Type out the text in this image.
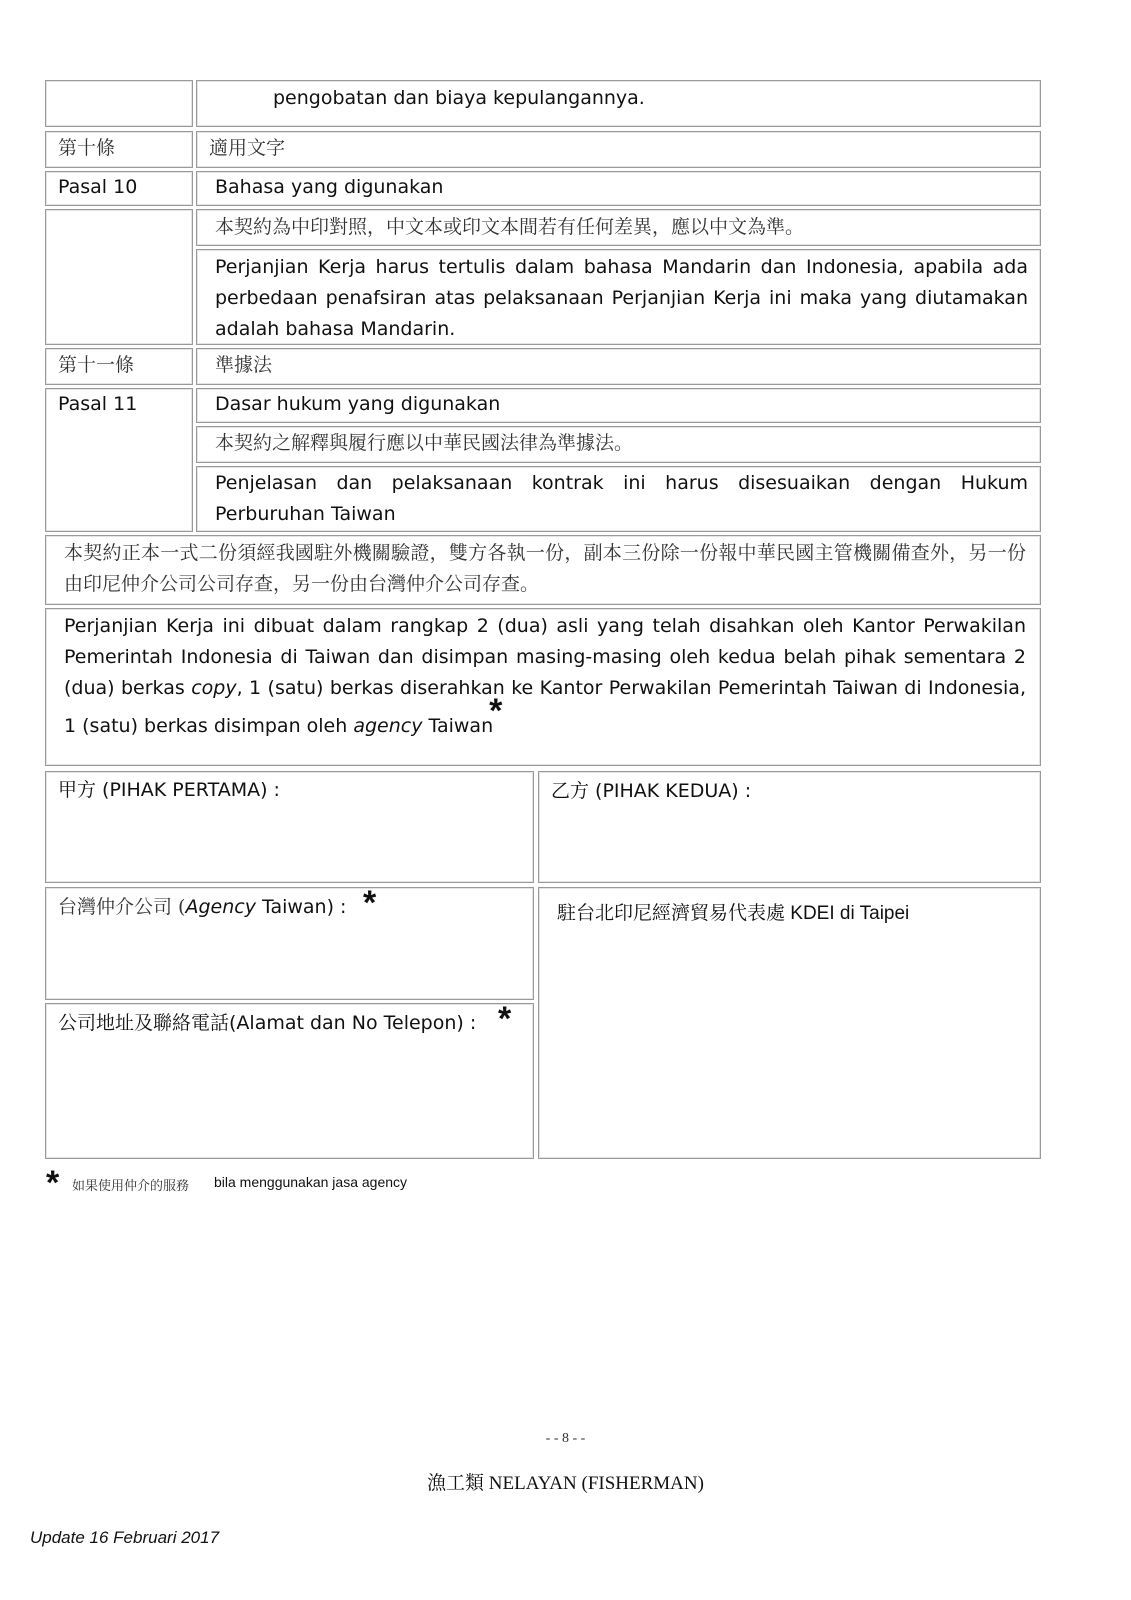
pengobatan dan biaya kepulangannya.
第十條	適用文字
Pasal 10	Bahasa yang digunakan
本契約為中印對照，中文本或印文本間若有任何差異，應以中文為準。
Perjanjian Kerja harus tertulis dalam bahasa Mandarin dan Indonesia, apabila ada perbedaan penafsiran atas pelaksanaan Perjanjian Kerja ini maka yang diutamakan adalah bahasa Mandarin.
第十一條	準據法
Pasal 11	Dasar hukum yang digunakan
本契約之解釋與履行應以中華民國法律為準據法。
Penjelasan dan pelaksanaan kontrak ini harus disesuaikan dengan Hukum Perburuhan Taiwan
本契約正本一式二份須經我國駐外機關驗證，雙方各執一份，副本三份除一份報中華民國主管機關備查外，另一份由印尼仲介公司公司存查，另一份由台灣仲介公司存查。
Perjanjian Kerja ini dibuat dalam rangkap 2 (dua) asli yang telah disahkan oleh Kantor Perwakilan Pemerintah Indonesia di Taiwan dan disimpan masing-masing oleh kedua belah pihak sementara 2 (dua) berkas copy, 1 (satu) berkas diserahkan ke Kantor Perwakilan Pemerintah Taiwan di Indonesia, 1 (satu) berkas disimpan oleh agency Taiwan*
甲方 (PIHAK PERTAMA) :	乙方 (PIHAK KEDUA) :
台灣仲介公司 (Agency Taiwan) : *	駐台北印尼經濟貿易代表處 KDEI di Taipei
公司地址及聯絡電話(Alamat dan No Telepon) : *
* 如果使用仲介的服務 bila menggunakan jasa agency
- - 8 - -
漁工類 NELAYAN (FISHERMAN)
Update 16 Februari 2017
